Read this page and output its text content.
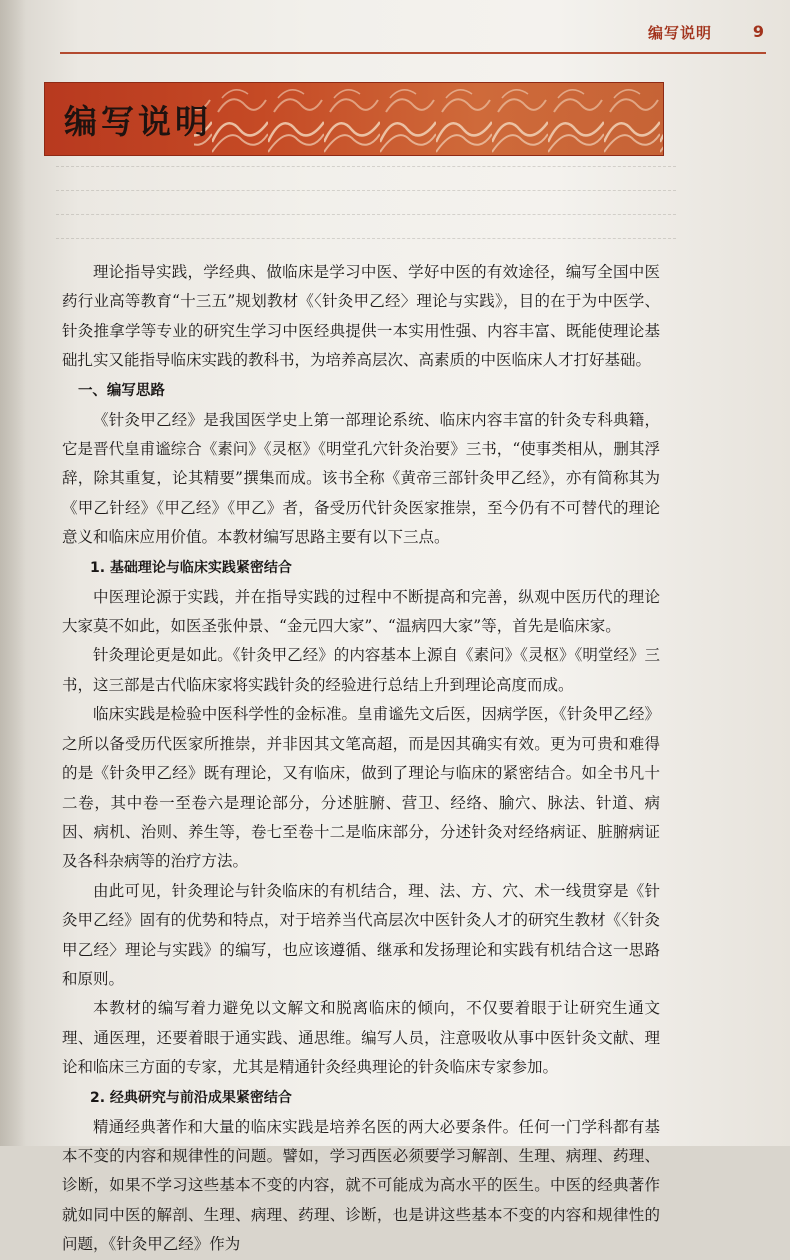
编写说明	9
编写说明

理论指导实践，学经典、做临床是学习中医、学好中医的有效途径，编写全国中医药行业高等教育“十三五”规划教材《〈针灸甲乙经〉理论与实践》，目的在于为中医学、针灸推拿学等专业的研究生学习中医经典提供一本实用性强、内容丰富、既能使理论基础扎实又能指导临床实践的教科书，为培养高层次、高素质的中医临床人才打好基础。

一、编写思路

《针灸甲乙经》是我国医学史上第一部理论系统、临床内容丰富的针灸专科典籍，它是晋代皇甫谧综合《素问》《灵枢》《明堂孔穴针灸治要》三书，“使事类相从，删其浮辞，除其重复，论其精要”撰集而成。该书全称《黄帝三部针灸甲乙经》，亦有简称其为《甲乙针经》《甲乙经》《甲乙》者，备受历代针灸医家推崇，至今仍有不可替代的理论意义和临床应用价值。本教材编写思路主要有以下三点。

1. 基础理论与临床实践紧密结合

中医理论源于实践，并在指导实践的过程中不断提高和完善，纵观中医历代的理论大家莫不如此，如医圣张仲景、“金元四大家”、“温病四大家”等，首先是临床家。

针灸理论更是如此。《针灸甲乙经》的内容基本上源自《素问》《灵枢》《明堂经》三书，这三部是古代临床家将实践针灸的经验进行总结上升到理论高度而成。

临床实践是检验中医科学性的金标准。皇甫谧先文后医，因病学医，《针灸甲乙经》之所以备受历代医家所推崇，并非因其文笔高超，而是因其确实有效。更为可贵和难得的是《针灸甲乙经》既有理论，又有临床，做到了理论与临床的紧密结合。如全书凡十二卷，其中卷一至卷六是理论部分，分述脏腑、营卫、经络、腧穴、脉法、针道、病因、病机、治则、养生等，卷七至卷十二是临床部分，分述针灸对经络病证、脏腑病证及各科杂病等的治疗方法。

由此可见，针灸理论与针灸临床的有机结合，理、法、方、穴、术一线贯穿是《针灸甲乙经》固有的优势和特点，对于培养当代高层次中医针灸人才的研究生教材《〈针灸甲乙经〉理论与实践》的编写，也应该遵循、继承和发扬理论和实践有机结合这一思路和原则。

本教材的编写着力避免以文解文和脱离临床的倾向，不仅要着眼于让研究生通文理、通医理，还要着眼于通实践、通思维。编写人员，注意吸收从事中医针灸文献、理论和临床三方面的专家，尤其是精通针灸经典理论的针灸临床专家参加。

2. 经典研究与前沿成果紧密结合

精通经典著作和大量的临床实践是培养名医的两大必要条件。任何一门学科都有基本不变的内容和规律性的问题。譬如，学习西医必须要学习解剖、生理、病理、药理、诊断，如果不学习这些基本不变的内容，就不可能成为高水平的医生。中医的经典著作就如同中医的解剖、生理、病理、药理、诊断，也是讲这些基本不变的内容和规律性的问题，《针灸甲乙经》作为
